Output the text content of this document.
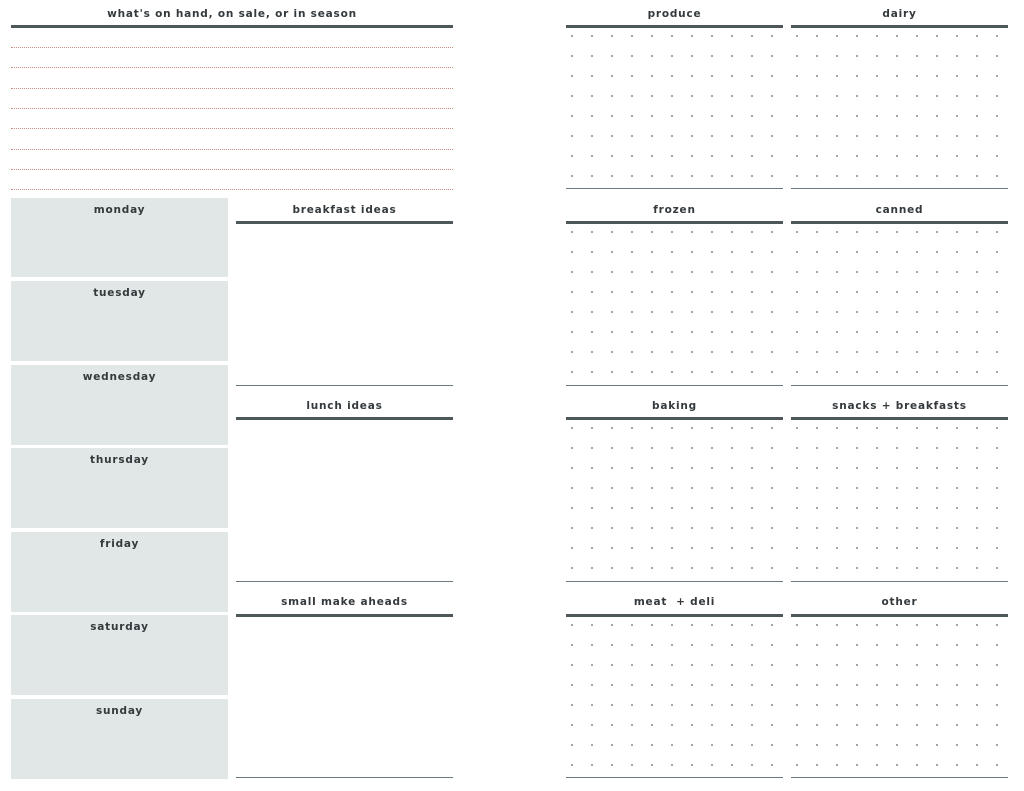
what's on hand, on sale, or in season
monday
tuesday
wednesday
thursday
friday
saturday
sunday
breakfast ideas
lunch ideas
small make aheads
produce	dairy
frozen	canned
baking	snacks + breakfasts
meat  + deli	other
